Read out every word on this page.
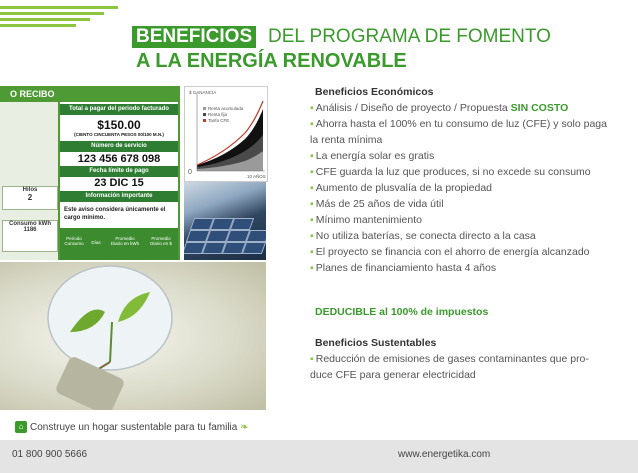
BENEFICIOS DEL PROGRAMA DE FOMENTO
A LA ENERGÍA RENOVABLE
O RECIBO
Hilos
2
Consumo kWh
1186
Total a pagar del periodo facturado
$150.00
(CIENTO CINCUENTA PESOS 00/100 M.N.)
Número de servicio
123 456 678 098
Fecha límite de pago
23 DIC 15
Información importante
Este aviso considera únicamente el cargo mínimo.
Periodo Consumo	Días
Promedio Diario en kWh
Promedio Diario en $
$ GANANCIA
Renta acumulada
Renta fija
Tarifa CFE
0
10 AÑOS
Beneficios Económicos
▪ Análisis / Diseño de proyecto / Propuesta SIN COSTO
▪ Ahorra hasta el 100% en tu consumo de luz (CFE) y solo paga la renta mínima
▪ La energía solar es gratis
▪ CFE guarda la luz que produces, si no excede su consumo
▪ Aumento de plusvalía de la propiedad
▪ Más de 25 años de vida útil
▪ Mínimo mantenimiento
▪ No utiliza baterías, se conecta directo a la casa
▪ El proyecto se financia con el ahorro de energía alcanzado
▪ Planes de financiamiento hasta 4 años
DEDUCIBLE al 100% de impuestos
Beneficios Sustentables
▪ Reducción de emisiones de gases contaminantes que pro-duce CFE para generar electricidad
⌂ Construye un hogar sustentable para tu familia ❧
01 800 900 5666	www.energetika.com
